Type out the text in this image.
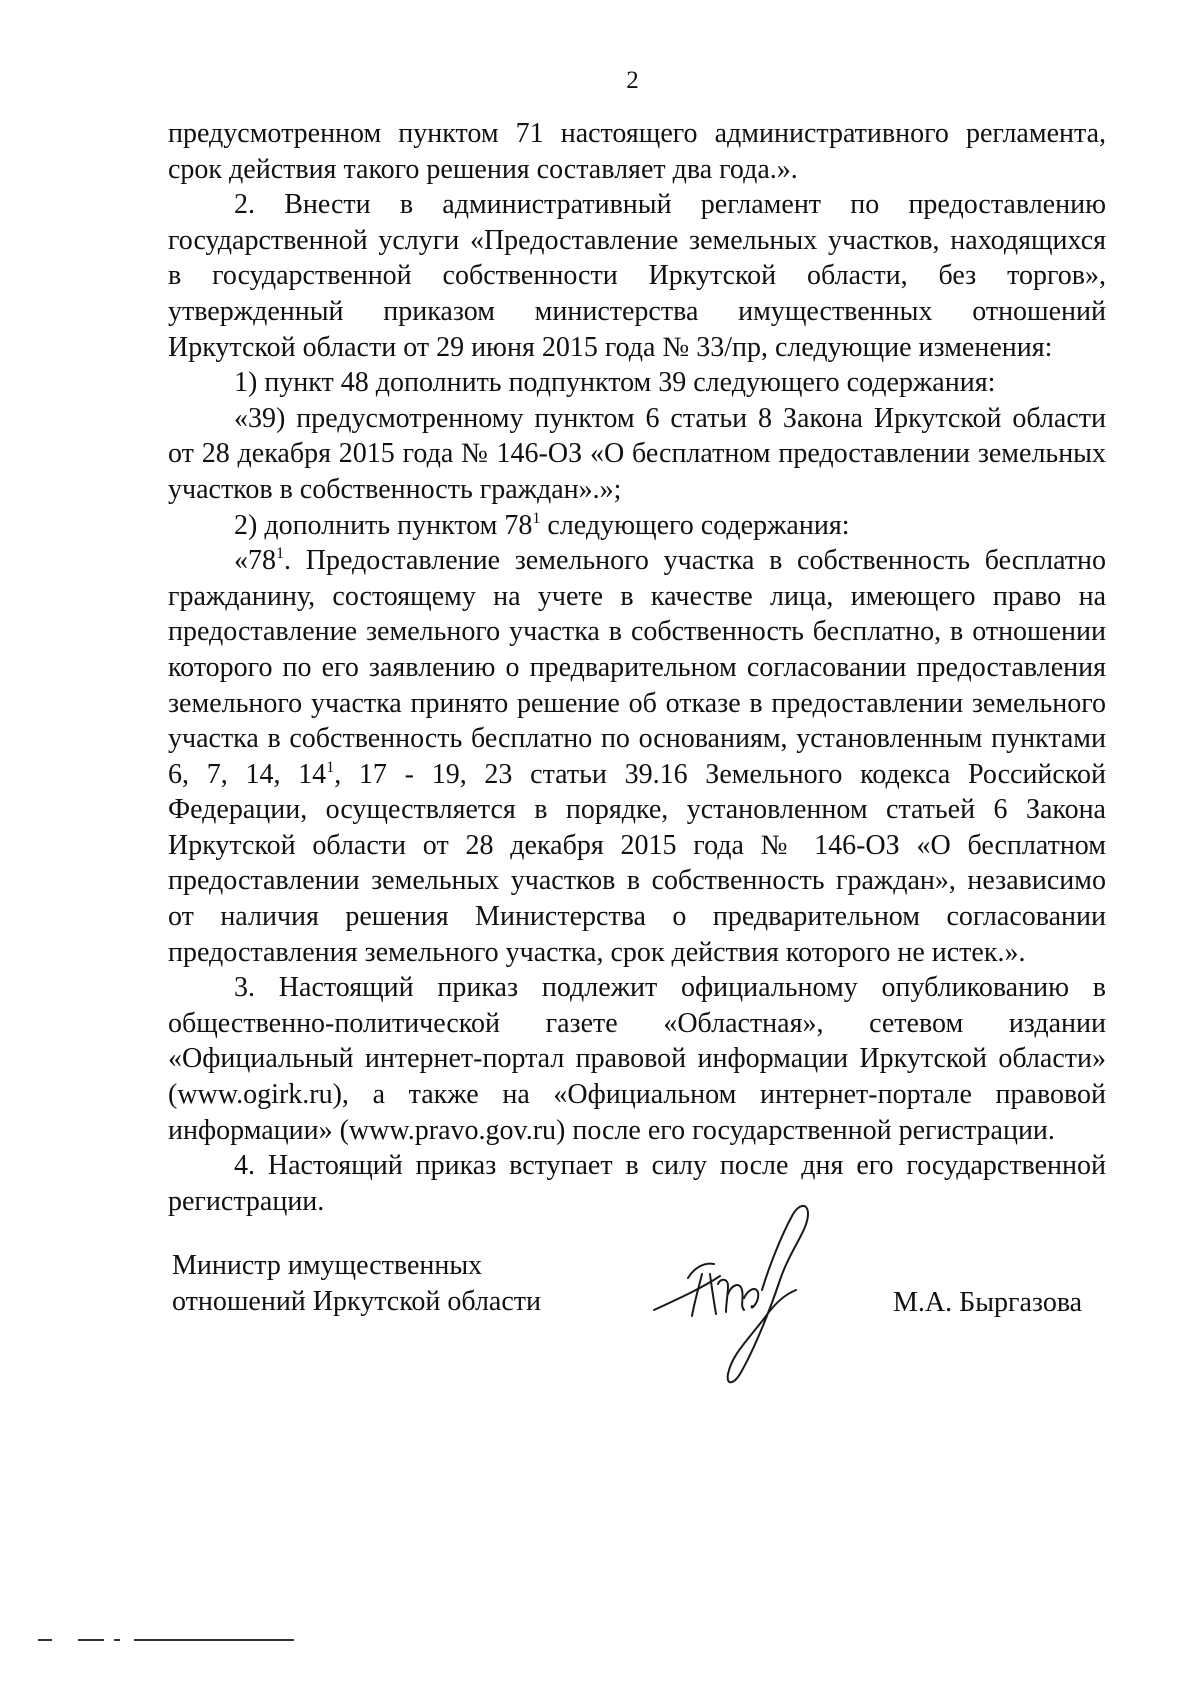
2

предусмотренном пунктом 71 настоящего административного регламента, срок действия такого решения составляет два года.».

2. Внести в административный регламент по предоставлению государственной услуги «Предоставление земельных участков, находящихся в государственной собственности Иркутской области, без торгов», утвержденный приказом министерства имущественных отношений Иркутской области от 29 июня 2015 года № 33/пр, следующие изменения:

1) пункт 48 дополнить подпунктом 39 следующего содержания:

«39) предусмотренному пунктом 6 статьи 8 Закона Иркутской области от 28 декабря 2015 года № 146-ОЗ «О бесплатном предоставлении земельных участков в собственность граждан».»;

2) дополнить пунктом $78^1$ следующего содержания:

«$78^1$. Предоставление земельного участка в собственность бесплатно гражданину, состоящему на учете в качестве лица, имеющего право на предоставление земельного участка в собственность бесплатно, в отношении которого по его заявлению о предварительном согласовании предоставления земельного участка принято решение об отказе в предоставлении земельного участка в собственность бесплатно по основаниям, установленным пунктами 6, 7, 14, $14^1$, 17 - 19, 23 статьи 39.16 Земельного кодекса Российской Федерации, осуществляется в порядке, установленном статьей 6 Закона Иркутской области от 28 декабря 2015 года № 146-ОЗ «О бесплатном предоставлении земельных участков в собственность граждан», независимо от наличия решения Министерства о предварительном согласовании предоставления земельного участка, срок действия которого не истек.».

3. Настоящий приказ подлежит официальному опубликованию в общественно-политической газете «Областная», сетевом издании «Официальный интернет-портал правовой информации Иркутской области» (www.ogirk.ru), а также на «Официальном интернет-портале правовой информации» (www.pravo.gov.ru) после его государственной регистрации.

4. Настоящий приказ вступает в силу после дня его государственной регистрации.

Министр имущественных
отношений Иркутской области	М.А. Быргазова
